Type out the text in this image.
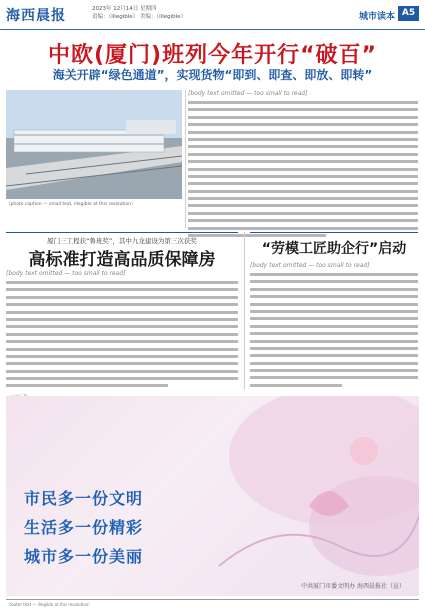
海西晨报	2023年 12月14日 星期四
责编：（illegible） 美编：（illegible）	城市读本 A5
中欧(厦门)班列今年开行“破百”
海关开辟“绿色通道”，实现货物“即到、即查、即放、即转”
（photo caption — small text, illegible at this resolution）
[body text omitted — too small to read]
厦门三工程获“鲁班奖”，其中九龙建设为第三次获奖
高标准打造高品质保障房
[body text omitted — too small to read]
“劳模工匠助企行”启动
[body text omitted — too small to read]
市民多一份文明
生活多一份精彩
城市多一份美丽
中共厦门市委文明办 海西晨报社（宣）
（footer text — illegible at this resolution）
